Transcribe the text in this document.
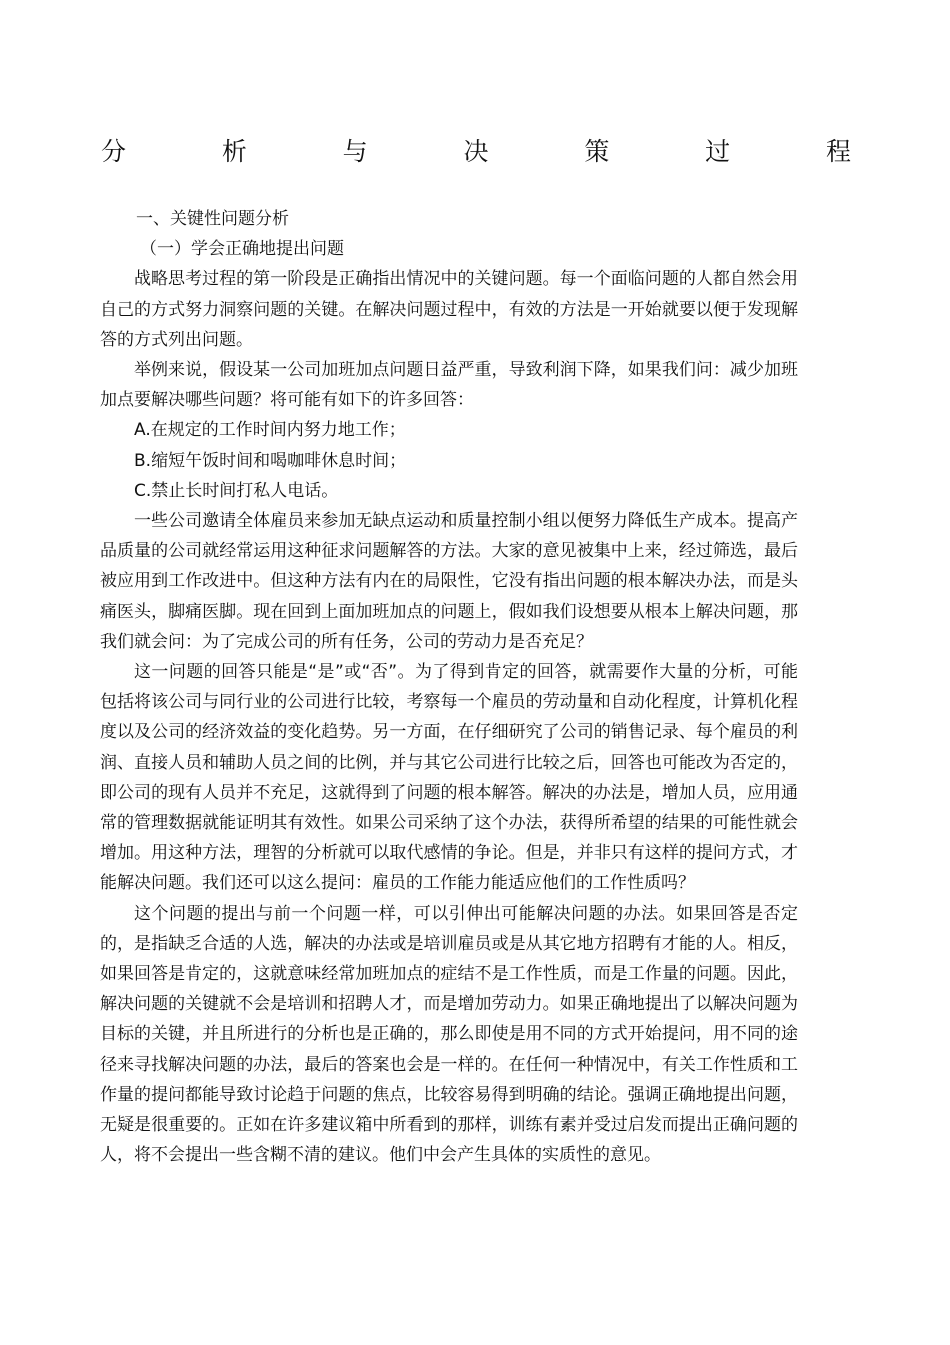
分	析	与	决	策	过	程

一、关键性问题分析

（一）学会正确地提出问题

战略思考过程的第一阶段是正确指出情况中的关键问题。每一个面临问题的人都自然会用自己的方式努力洞察问题的关键。在解决问题过程中，有效的方法是一开始就要以便于发现解答的方式列出问题。

举例来说，假设某一公司加班加点问题日益严重，导致利润下降，如果我们问：减少加班加点要解决哪些问题？将可能有如下的许多回答：

A.在规定的工作时间内努力地工作；

B.缩短午饭时间和喝咖啡休息时间；

C.禁止长时间打私人电话。

一些公司邀请全体雇员来参加无缺点运动和质量控制小组以便努力降低生产成本。提高产品质量的公司就经常运用这种征求问题解答的方法。大家的意见被集中上来，经过筛选，最后被应用到工作改进中。但这种方法有内在的局限性，它没有指出问题的根本解决办法，而是头痛医头，脚痛医脚。现在回到上面加班加点的问题上，假如我们设想要从根本上解决问题，那我们就会问：为了完成公司的所有任务，公司的劳动力是否充足？

这一问题的回答只能是“是”或“否”。为了得到肯定的回答，就需要作大量的分析，可能包括将该公司与同行业的公司进行比较，考察每一个雇员的劳动量和自动化程度，计算机化程度以及公司的经济效益的变化趋势。另一方面，在仔细研究了公司的销售记录、每个雇员的利润、直接人员和辅助人员之间的比例，并与其它公司进行比较之后，回答也可能改为否定的，即公司的现有人员并不充足，这就得到了问题的根本解答。解决的办法是，增加人员，应用通常的管理数据就能证明其有效性。如果公司采纳了这个办法，获得所希望的结果的可能性就会增加。用这种方法，理智的分析就可以取代感情的争论。但是，并非只有这样的提问方式，才能解决问题。我们还可以这么提问：雇员的工作能力能适应他们的工作性质吗？

这个问题的提出与前一个问题一样，可以引伸出可能解决问题的办法。如果回答是否定的，是指缺乏合适的人选，解决的办法或是培训雇员或是从其它地方招聘有才能的人。相反，如果回答是肯定的，这就意味经常加班加点的症结不是工作性质，而是工作量的问题。因此，解决问题的关键就不会是培训和招聘人才，而是增加劳动力。如果正确地提出了以解决问题为目标的关键，并且所进行的分析也是正确的，那么即使是用不同的方式开始提问，用不同的途径来寻找解决问题的办法，最后的答案也会是一样的。在任何一种情况中，有关工作性质和工作量的提问都能导致讨论趋于问题的焦点，比较容易得到明确的结论。强调正确地提出问题，无疑是很重要的。正如在许多建议箱中所看到的那样，训练有素并受过启发而提出正确问题的人，将不会提出一些含糊不清的建议。他们中会产生具体的实质性的意见。
